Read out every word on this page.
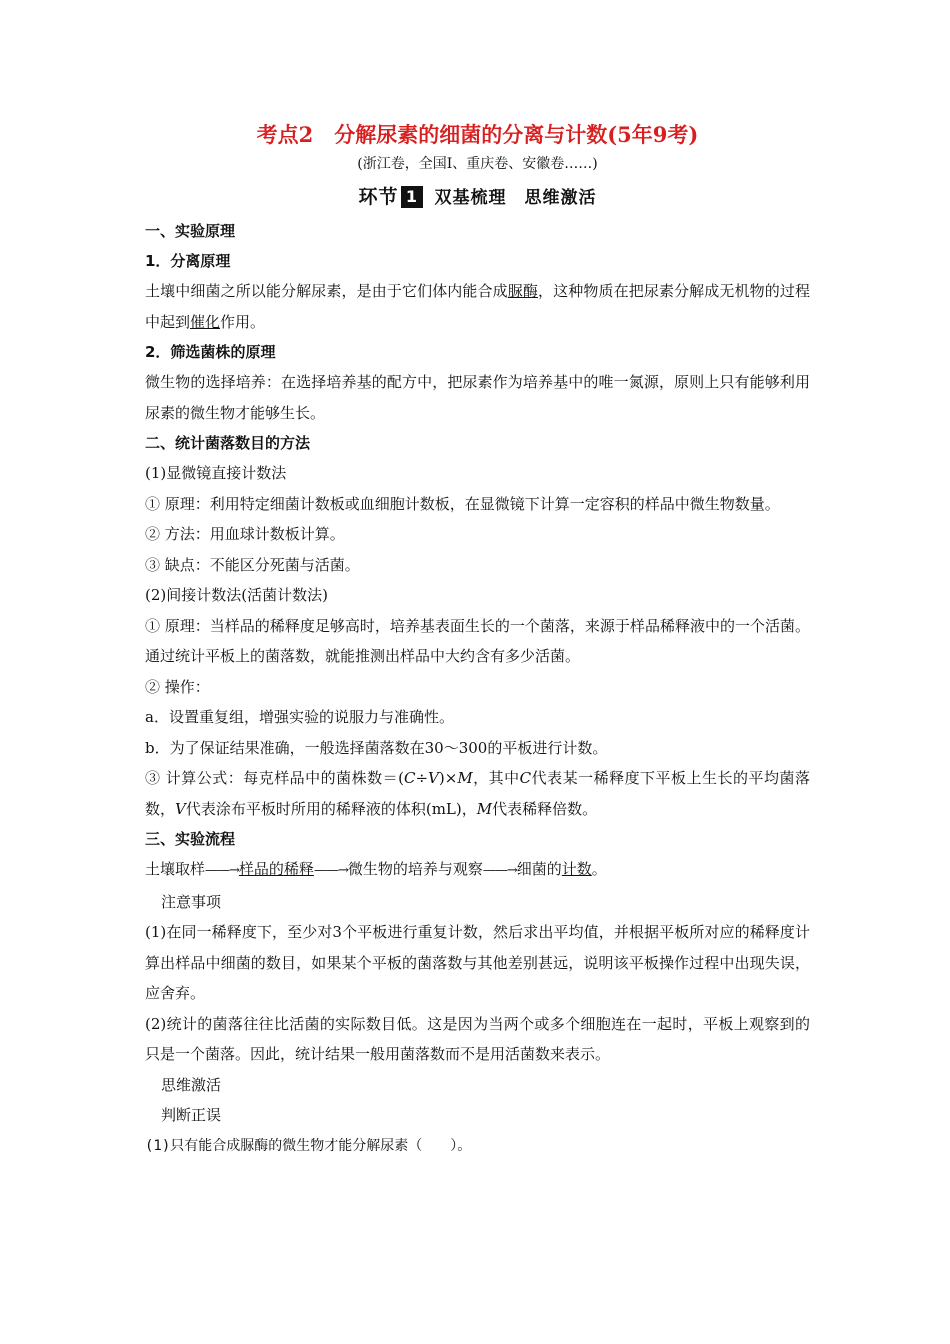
考点2　分解尿素的细菌的分离与计数(5年9考)
(浙江卷，全国Ⅰ、重庆卷、安徽卷……)
环节 1 双基梳理　思维激活
一、实验原理
1．分离原理
土壤中细菌之所以能分解尿素，是由于它们体内能合成脲酶，这种物质在把尿素分解成无机物的过程中起到催化作用。
2．筛选菌株的原理
微生物的选择培养：在选择培养基的配方中，把尿素作为培养基中的唯一氮源，原则上只有能够利用尿素的微生物才能够生长。
二、统计菌落数目的方法
(1)显微镜直接计数法
① 原理：利用特定细菌计数板或血细胞计数板，在显微镜下计算一定容积的样品中微生物数量。
② 方法：用血球计数板计算。
③ 缺点：不能区分死菌与活菌。
(2)间接计数法(活菌计数法)
① 原理：当样品的稀释度足够高时，培养基表面生长的一个菌落，来源于样品稀释液中的一个活菌。通过统计平板上的菌落数，就能推测出样品中大约含有多少活菌。
② 操作：
a．设置重复组，增强实验的说服力与准确性。
b．为了保证结果准确，一般选择菌落数在30～300的平板进行计数。
③ 计算公式：每克样品中的菌株数＝(C÷V)×M，其中C代表某一稀释度下平板上生长的平均菌落数，V代表涂布平板时所用的稀释液的体积(mL)，M代表稀释倍数。
三、实验流程
土壤取样——→样品的稀释——→微生物的培养与观察——→细菌的计数。
注意事项
(1)在同一稀释度下，至少对3个平板进行重复计数，然后求出平均值，并根据平板所对应的稀释度计算出样品中细菌的数目，如果某个平板的菌落数与其他差别甚远，说明该平板操作过程中出现失误，应舍弃。
(2)统计的菌落往往比活菌的实际数目低。这是因为当两个或多个细胞连在一起时，平板上观察到的只是一个菌落。因此，统计结果一般用菌落数而不是用活菌数来表示。
思维激活
判断正误
(1)只有能合成脲酶的微生物才能分解尿素（　　）。
